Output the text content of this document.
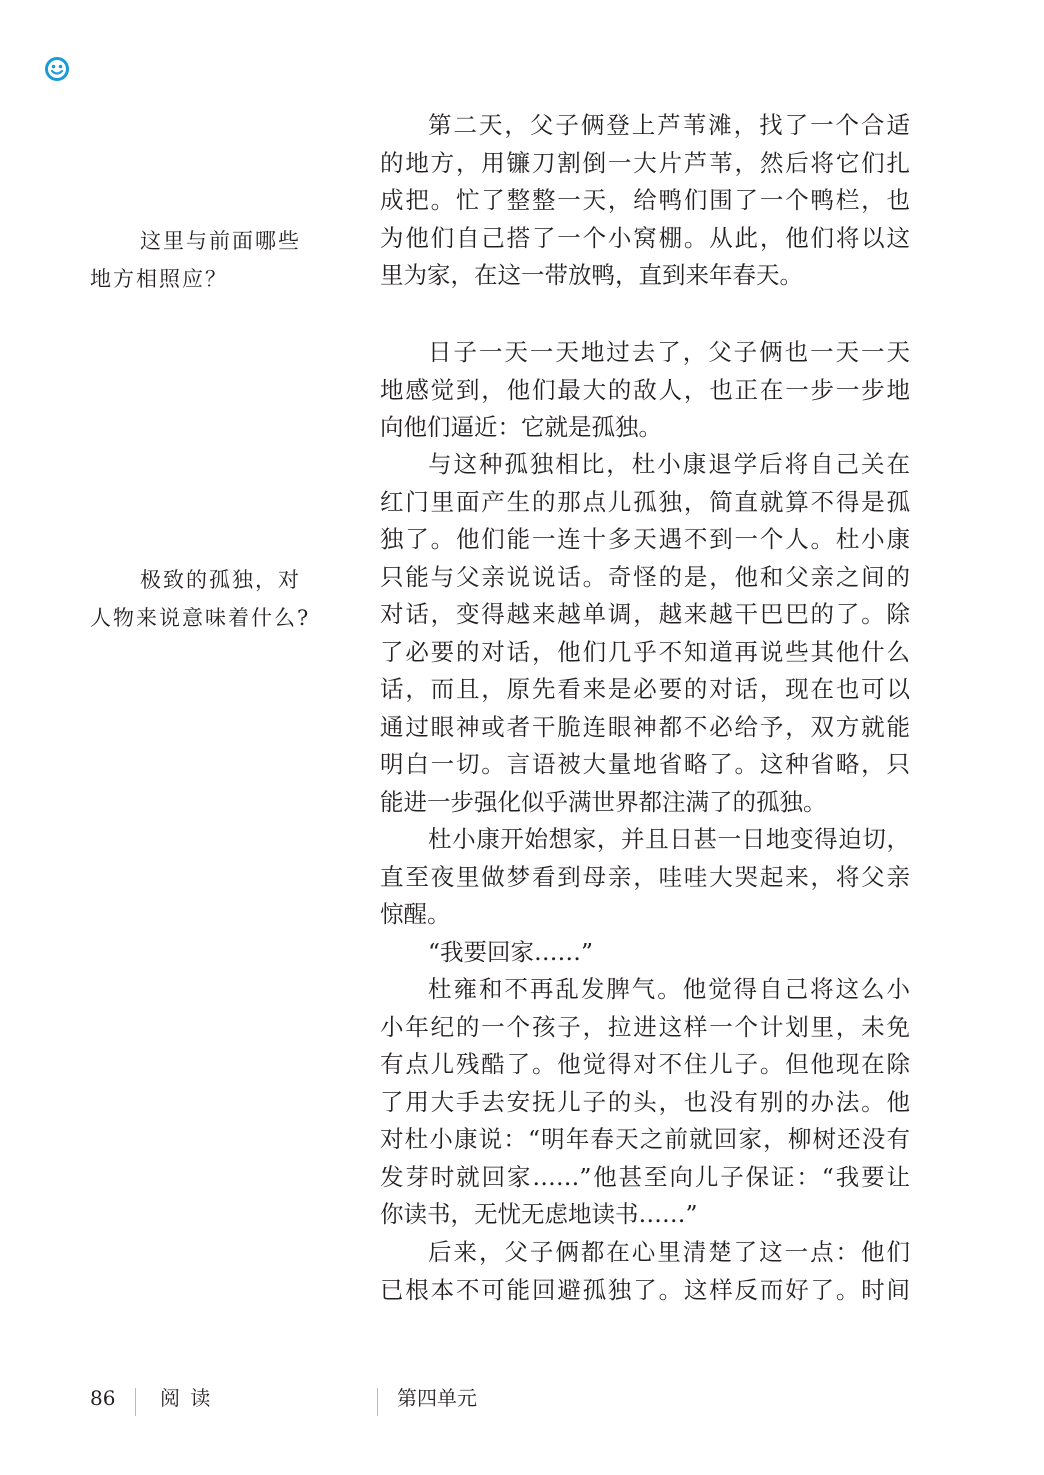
这里与前面哪些
地方相照应？
极致的孤独，对
人物来说意味着什么?
第二天，父子俩登上芦苇滩，找了一个合适
的地方，用镰刀割倒一大片芦苇，然后将它们扎
成把。忙了整整一天，给鸭们围了一个鸭栏，也
为他们自己搭了一个小窝棚。从此，他们将以这
里为家，在这一带放鸭，直到来年春天。
日子一天一天地过去了，父子俩也一天一天
地感觉到，他们最大的敌人，也正在一步一步地
向他们逼近：它就是孤独。
与这种孤独相比，杜小康退学后将自己关在
红门里面产生的那点儿孤独，简直就算不得是孤
独了。他们能一连十多天遇不到一个人。杜小康
只能与父亲说说话。奇怪的是，他和父亲之间的
对话，变得越来越单调，越来越干巴巴的了。除
了必要的对话，他们几乎不知道再说些其他什么
话，而且，原先看来是必要的对话，现在也可以
通过眼神或者干脆连眼神都不必给予，双方就能
明白一切。言语被大量地省略了。这种省略，只
能进一步强化似乎满世界都注满了的孤独。
杜小康开始想家，并且日甚一日地变得迫切，
直至夜里做梦看到母亲，哇哇大哭起来，将父亲
惊醒。
“我要回家……”
杜雍和不再乱发脾气。他觉得自己将这么小
小年纪的一个孩子，拉进这样一个计划里，未免
有点儿残酷了。他觉得对不住儿子。但他现在除
了用大手去安抚儿子的头，也没有别的办法。他
对杜小康说：“明年春天之前就回家，柳树还没有
发芽时就回家……”他甚至向儿子保证：“我要让
你读书，无忧无虑地读书……”
后来，父子俩都在心里清楚了这一点：他们
已根本不可能回避孤独了。这样反而好了。时间
86 阅 读	第四单元
